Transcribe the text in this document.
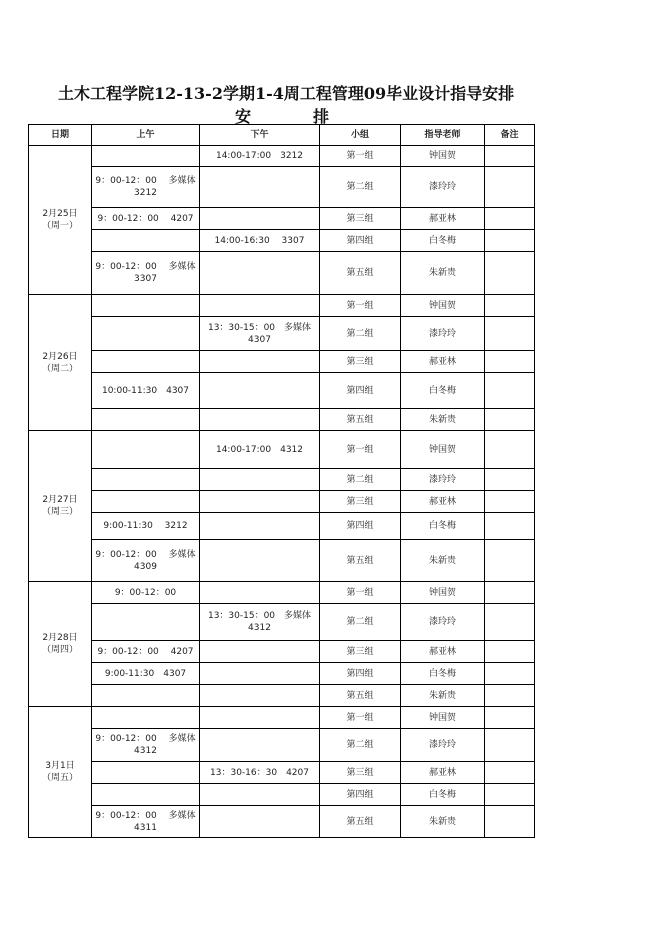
土木工程学院12-13-2学期1-4周工程管理09毕业设计指导安排
安	排
日期	上午	下午	小组	指导老师	备注

2月25日
（周一）		14:00-17:00　3212	第一组	钟国贺	
	9：00-12：00　 多媒体3212		第二组	漆玲玲	
	9：00-12：00　 4207		第三组	郝亚林	
		14:00-16:30　 3307	第四组	白冬梅	
	9：00-12：00　 多媒体3307		第五组	朱新贵	

2月26日
（周二）			第一组	钟国贺	
		13：30-15：00　多媒体4307	第二组	漆玲玲	
			第三组	郝亚林	
	10:00-11:30　4307		第四组	白冬梅	
			第五组	朱新贵	

2月27日
（周三）		14:00-17:00　4312	第一组	钟国贺	
			第二组	漆玲玲	
			第三组	郝亚林	
	9:00-11:30　 3212		第四组	白冬梅	
	9：00-12：00　 多媒体4309		第五组	朱新贵	

2月28日
（周四）	9：00-12：00		第一组	钟国贺	
		13：30-15：00　多媒体4312	第二组	漆玲玲	
	9：00-12：00　 4207		第三组	郝亚林	
	9:00-11:30　4307		第四组	白冬梅	
			第五组	朱新贵	

3月1日
（周五）			第一组	钟国贺	
	9：00-12：00　 多媒体　4312		第二组	漆玲玲	
		13：30-16：30　4207	第三组	郝亚林	
			第四组	白冬梅	
	9：00-12：00　 多媒体4311		第五组	朱新贵	
